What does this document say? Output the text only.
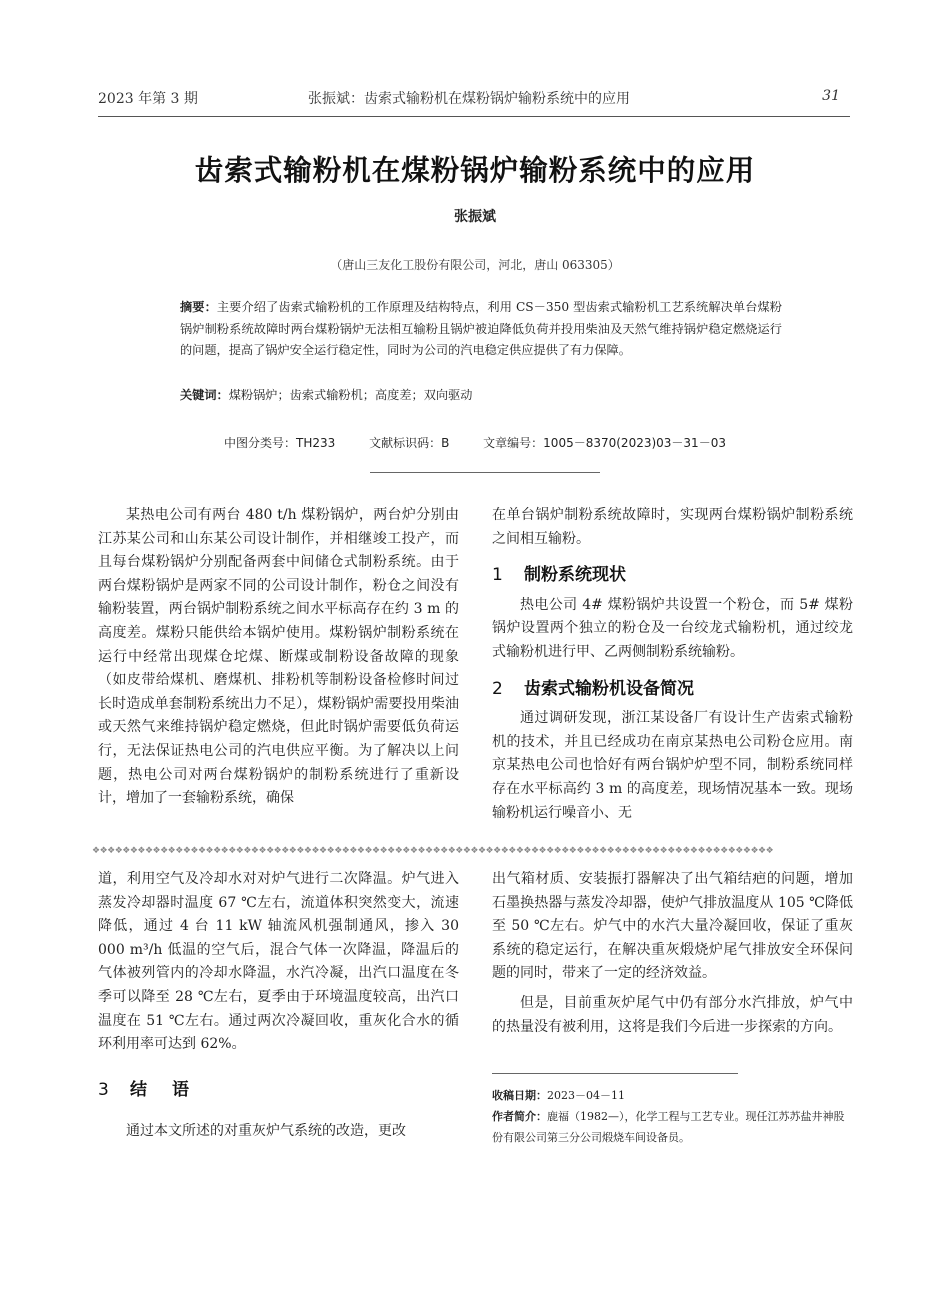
2023 年第 3 期	张振斌：齿索式输粉机在煤粉锅炉输粉系统中的应用	31
齿索式输粉机在煤粉锅炉输粉系统中的应用
张振斌
（唐山三友化工股份有限公司，河北，唐山 063305）
摘要：主要介绍了齿索式输粉机的工作原理及结构特点，利用 CS－350 型齿索式输粉机工艺系统解决单台煤粉锅炉制粉系统故障时两台煤粉锅炉无法相互输粉且锅炉被迫降低负荷并投用柴油及天然气维持锅炉稳定燃烧运行的问题，提高了锅炉安全运行稳定性，同时为公司的汽电稳定供应提供了有力保障。
关键词：煤粉锅炉；齿索式输粉机；高度差；双向驱动
中图分类号：TH233	文献标识码：B	文章编号：1005－8370(2023)03－31－03

某热电公司有两台 480 t/h 煤粉锅炉，两台炉分别由江苏某公司和山东某公司设计制作，并相继竣工投产，而且每台煤粉锅炉分别配备两套中间储仓式制粉系统。由于两台煤粉锅炉是两家不同的公司设计制作，粉仓之间没有输粉装置，两台锅炉制粉系统之间水平标高存在约 3 m 的高度差。煤粉只能供给本锅炉使用。煤粉锅炉制粉系统在运行中经常出现煤仓坨煤、断煤或制粉设备故障的现象（如皮带给煤机、磨煤机、排粉机等制粉设备检修时间过长时造成单套制粉系统出力不足），煤粉锅炉需要投用柴油或天然气来维持锅炉稳定燃烧，但此时锅炉需要低负荷运行，无法保证热电公司的汽电供应平衡。为了解决以上问题，热电公司对两台煤粉锅炉的制粉系统进行了重新设计，增加了一套输粉系统，确保

在单台锅炉制粉系统故障时，实现两台煤粉锅炉制粉系统之间相互输粉。

1	制粉系统现状

热电公司 4# 煤粉锅炉共设置一个粉仓，而 5# 煤粉锅炉设置两个独立的粉仓及一台绞龙式输粉机，通过绞龙式输粉机进行甲、乙两侧制粉系统输粉。

2	齿索式输粉机设备简况

通过调研发现，浙江某设备厂有设计生产齿索式输粉机的技术，并且已经成功在南京某热电公司粉仓应用。南京某热电公司也恰好有两台锅炉炉型不同，制粉系统同样存在水平标高约 3 m 的高度差，现场情况基本一致。现场输粉机运行噪音小、无

❖❖❖❖❖❖❖❖❖❖❖❖❖❖❖❖❖❖❖❖❖❖❖❖❖❖❖❖❖❖❖❖❖❖❖❖❖❖❖❖❖❖❖❖❖❖❖❖❖❖❖❖❖❖❖❖❖❖❖❖❖❖❖❖❖❖❖❖❖❖❖❖❖❖❖❖❖❖❖❖❖❖❖❖❖❖❖❖❖❖

道，利用空气及冷却水对对炉气进行二次降温。炉气进入蒸发冷却器时温度 67 ℃左右，流道体积突然变大，流速降低，通过 4 台 11 kW 轴流风机强制通风，掺入 30 000 m³/h 低温的空气后，混合气体一次降温，降温后的气体被列管内的冷却水降温，水汽冷凝，出汽口温度在冬季可以降至 28 ℃左右，夏季由于环境温度较高，出汽口温度在 51 ℃左右。通过两次冷凝回收，重灰化合水的循环利用率可达到 62%。

3	结　语

通过本文所述的对重灰炉气系统的改造，更改

出气箱材质、安装振打器解决了出气箱结疤的问题，增加石墨换热器与蒸发冷却器，使炉气排放温度从 105 ℃降低至 50 ℃左右。炉气中的水汽大量冷凝回收，保证了重灰系统的稳定运行，在解决重灰煅烧炉尾气排放安全环保问题的同时，带来了一定的经济效益。

但是，目前重灰炉尾气中仍有部分水汽排放，炉气中的热量没有被利用，这将是我们今后进一步探索的方向。

收稿日期：2023－04－11
作者简介：鹿福（1982—），化学工程与工艺专业。现任江苏苏盐井神股份有限公司第三分公司煅烧车间设备员。
